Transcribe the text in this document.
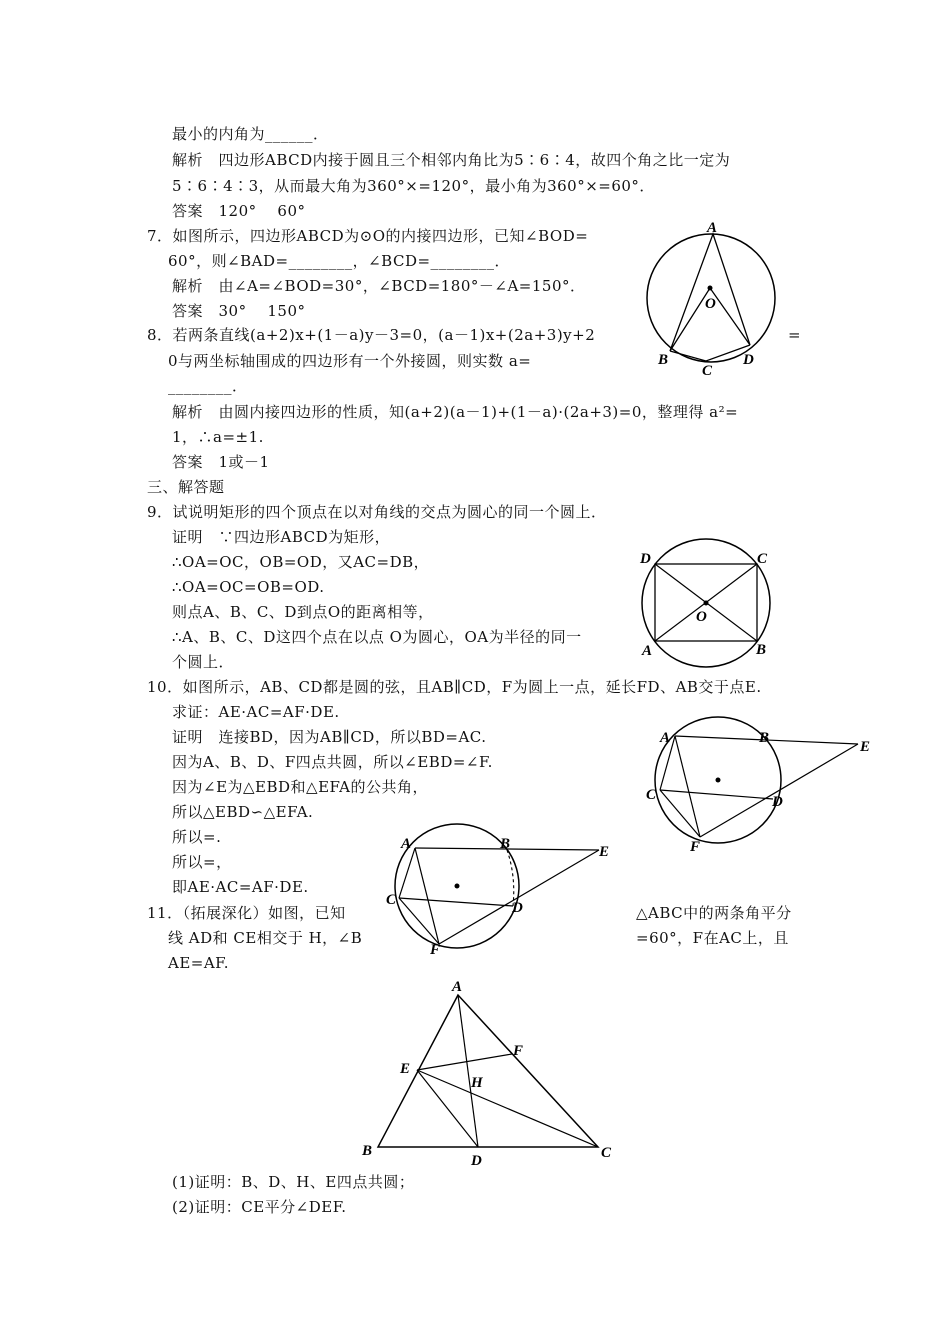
最小的内角为______．
解析　四边形ABCD内接于圆且三个相邻内角比为5∶6∶4，故四个角之比一定为
5∶6∶4∶3，从而最大角为360°×=120°，最小角为360°×=60°．
答案　120°　 60°
7．如图所示，四边形ABCD为⊙O的内接四边形，已知∠BOD=
60°，则∠BAD=________，∠BCD=________．
解析　由∠A=∠BOD=30°，∠BCD=180°－∠A=150°．
答案　30°　 150°
8．若两条直线(a+2)x+(1－a)y－3=0，(a－1)x+(2a+3)y+2	=
0与两坐标轴围成的四边形有一个外接圆，则实数 a=
________．
解析　由圆内接四边形的性质，知(a+2)(a－1)+(1－a)·(2a+3)=0，整理得 a²=
1，∴a=±1.
答案　1或－1
三、解答题
9．试说明矩形的四个顶点在以对角线的交点为圆心的同一个圆上．
证明　∵四边形ABCD为矩形，
∴OA=OC，OB=OD，又AC=DB，
∴OA=OC=OB=OD.
则点A、B、C、D到点O的距离相等，
∴A、B、C、D这四个点在以点 O为圆心，OA为半径的同一
个圆上．
10．如图所示，AB、CD都是圆的弦，且AB∥CD，F为圆上一点，延长FD、AB交于点E.
求证：AE·AC=AF·DE.
证明　连接BD，因为AB∥CD，所以BD=AC.
因为A、B、D、F四点共圆，所以∠EBD=∠F.
因为∠E为△EBD和△EFA的公共角，
所以△EBD∽△EFA.
所以=.
所以=，
即AE·AC=AF·DE.
11．（拓展深化）如图，已知	△ABC中的两条角平分
线 AD和 CE相交于 H，∠B	=60°，F在AC上，且
AE=AF.
(1)证明：B、D、H、E四点共圆；
(2)证明：CE平分∠DEF.
A
O
B
C
D
D	C
O
A	B
A	B
E
C	D
F
A	B	E
C	D
F
A
F
E
H
B
D	C
